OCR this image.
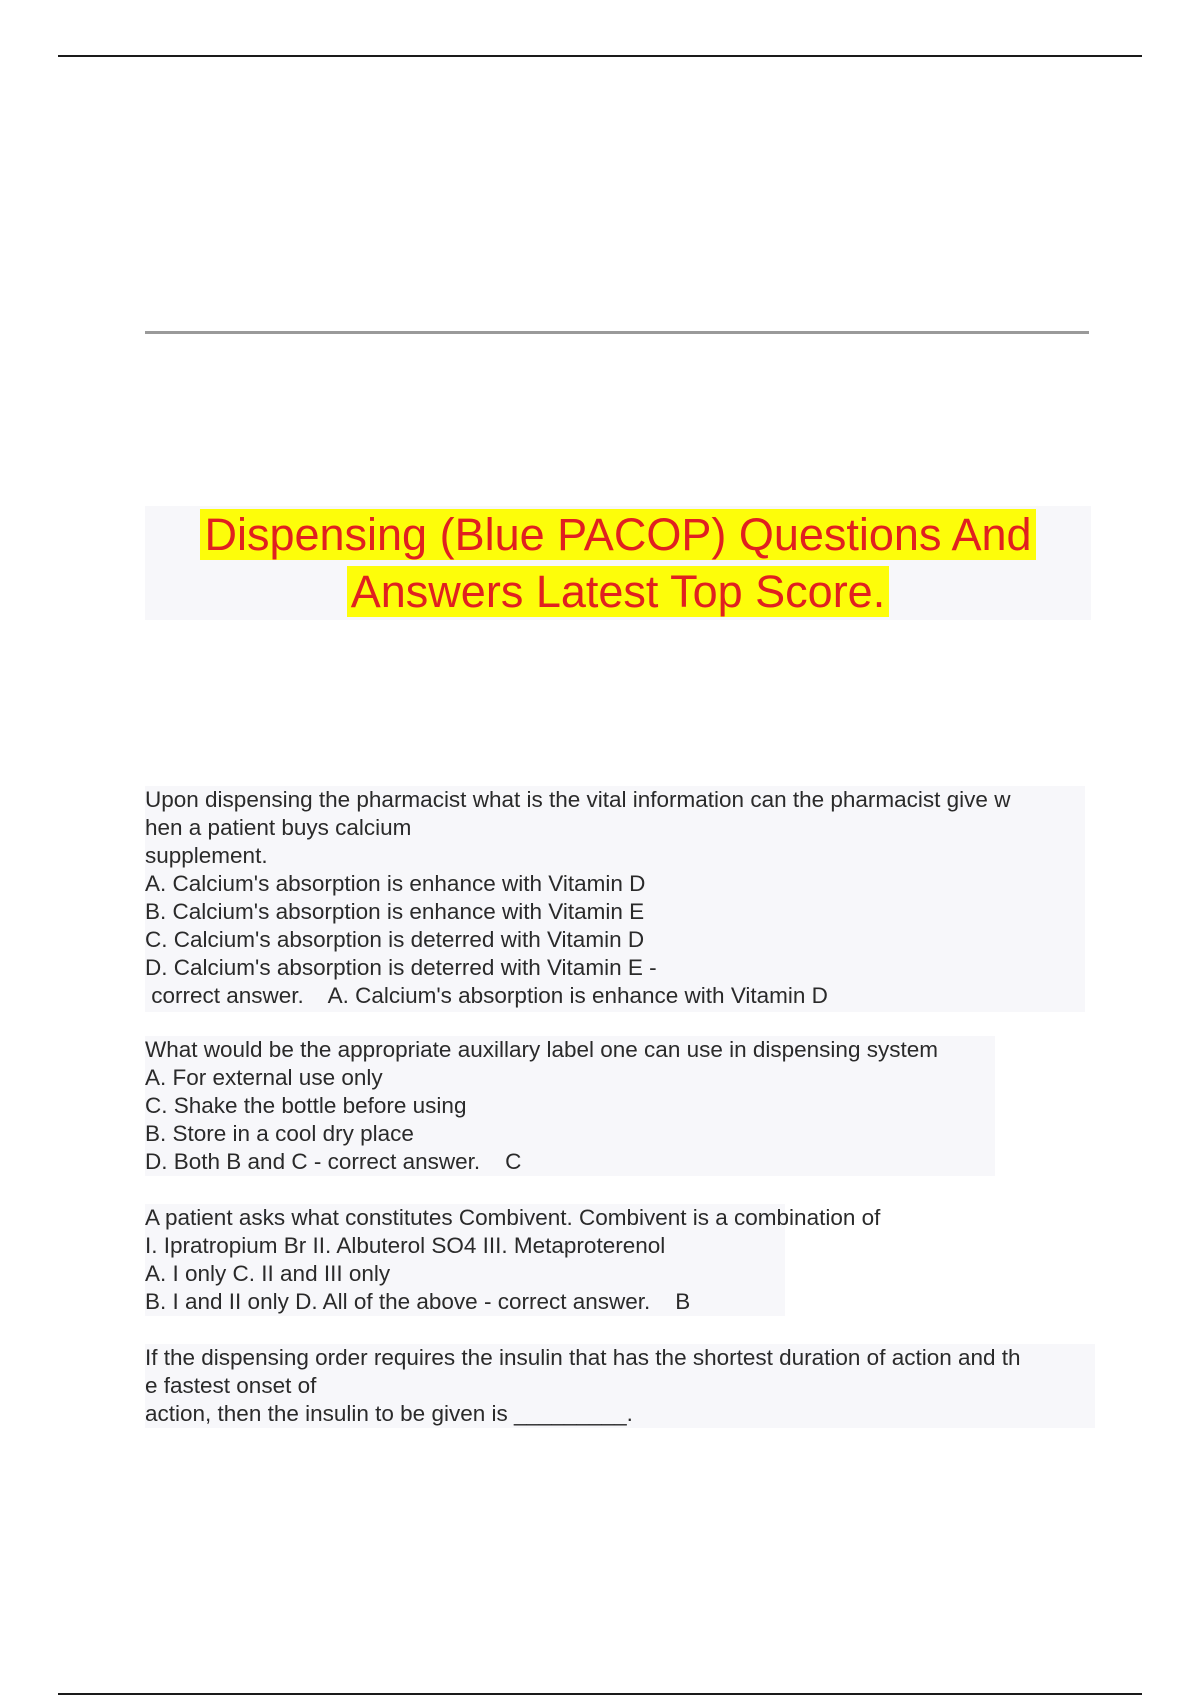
Dispensing (Blue PACOP) Questions And
Answers Latest Top Score.
Upon dispensing the pharmacist what is the vital information can the pharmacist give w
hen a patient buys calcium
supplement.
A. Calcium's absorption is enhance with Vitamin D
B. Calcium's absorption is enhance with Vitamin E
C. Calcium's absorption is deterred with Vitamin D
D. Calcium's absorption is deterred with Vitamin E -
correct answer.    A. Calcium's absorption is enhance with Vitamin D
What would be the appropriate auxillary label one can use in dispensing system
A. For external use only
C. Shake the bottle before using
B. Store in a cool dry place
D. Both B and C - correct answer.    C
A patient asks what constitutes Combivent. Combivent is a combination of
I. Ipratropium Br II. Albuterol SO4 III. Metaproterenol
A. I only C. II and III only
B. I and II only D. All of the above - correct answer.    B
If the dispensing order requires the insulin that has the shortest duration of action and th
e fastest onset of
action, then the insulin to be given is _________.
